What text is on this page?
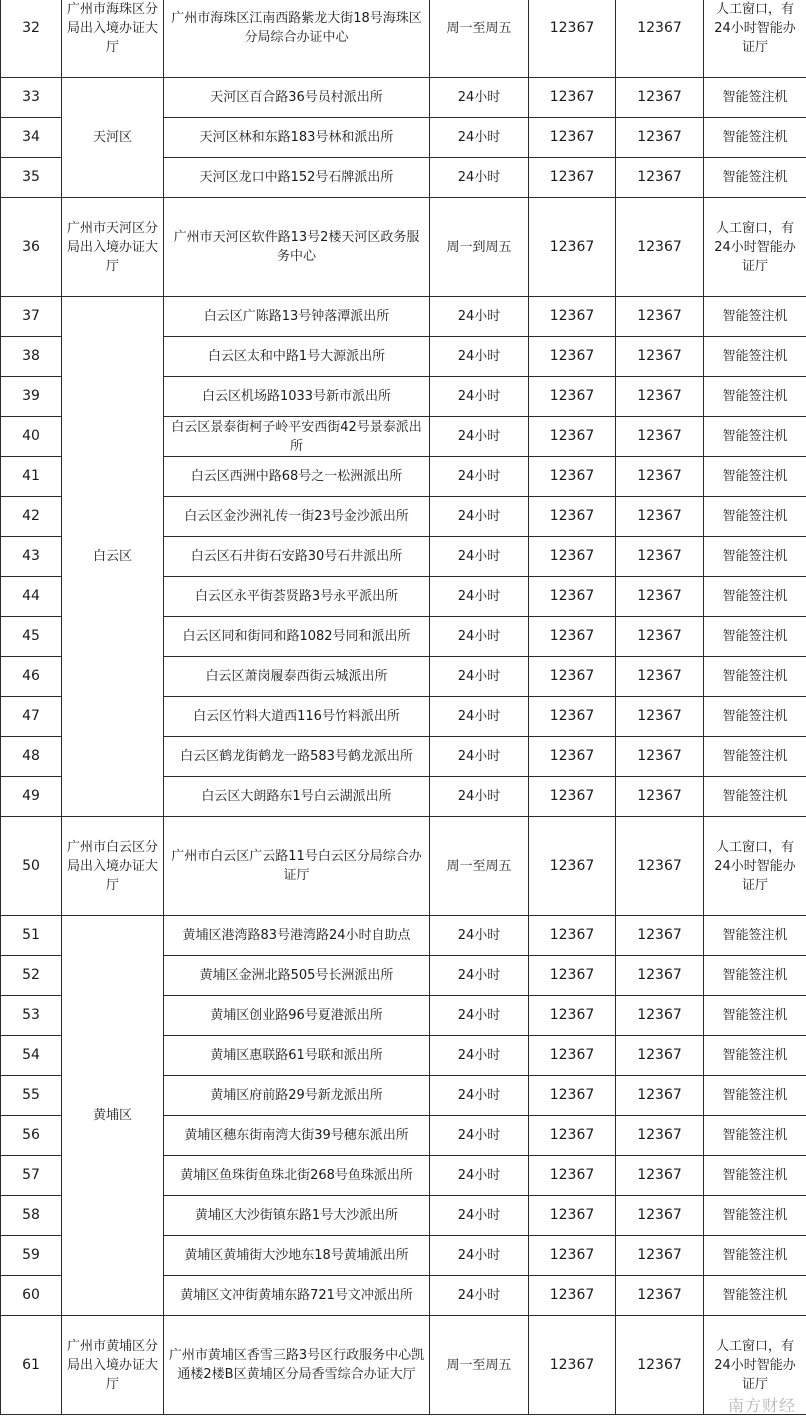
32	广州市海珠区分局出入境办证大厅	广州市海珠区江南西路紫龙大街18号海珠区分局综合办证中心	周一至周五	12367	12367	人工窗口，有24小时智能办证厅
33	天河区	天河区百合路36号员村派出所	24小时	12367	12367	智能签注机
34		天河区林和东路183号林和派出所	24小时	12367	12367	智能签注机
35		天河区龙口中路152号石牌派出所	24小时	12367	12367	智能签注机
36	广州市天河区分局出入境办证大厅	广州市天河区软件路13号2楼天河区政务服务中心	周一到周五	12367	12367	人工窗口，有24小时智能办证厅
37	白云区	白云区广陈路13号钟落潭派出所	24小时	12367	12367	智能签注机
38		白云区太和中路1号大源派出所	24小时	12367	12367	智能签注机
39		白云区机场路1033号新市派出所	24小时	12367	12367	智能签注机
40		白云区景泰街柯子岭平安西街42号景泰派出所	24小时	12367	12367	智能签注机
41		白云区西洲中路68号之一松洲派出所	24小时	12367	12367	智能签注机
42		白云区金沙洲礼传一街23号金沙派出所	24小时	12367	12367	智能签注机
43		白云区石井街石安路30号石井派出所	24小时	12367	12367	智能签注机
44		白云区永平街荟贤路3号永平派出所	24小时	12367	12367	智能签注机
45		白云区同和街同和路1082号同和派出所	24小时	12367	12367	智能签注机
46		白云区萧岗履泰西街云城派出所	24小时	12367	12367	智能签注机
47		白云区竹料大道西116号竹料派出所	24小时	12367	12367	智能签注机
48		白云区鹤龙街鹤龙一路583号鹤龙派出所	24小时	12367	12367	智能签注机
49		白云区大朗路东1号白云湖派出所	24小时	12367	12367	智能签注机
50	广州市白云区分局出入境办证大厅	广州市白云区广云路11号白云区分局综合办证厅	周一至周五	12367	12367	人工窗口，有24小时智能办证厅
51	黄埔区	黄埔区港湾路83号港湾路24小时自助点	24小时	12367	12367	智能签注机
52		黄埔区金洲北路505号长洲派出所	24小时	12367	12367	智能签注机
53		黄埔区创业路96号夏港派出所	24小时	12367	12367	智能签注机
54		黄埔区惠联路61号联和派出所	24小时	12367	12367	智能签注机
55		黄埔区府前路29号新龙派出所	24小时	12367	12367	智能签注机
56		黄埔区穗东街南湾大街39号穗东派出所	24小时	12367	12367	智能签注机
57		黄埔区鱼珠街鱼珠北街268号鱼珠派出所	24小时	12367	12367	智能签注机
58		黄埔区大沙街镇东路1号大沙派出所	24小时	12367	12367	智能签注机
59		黄埔区黄埔街大沙地东18号黄埔派出所	24小时	12367	12367	智能签注机
60		黄埔区文冲街黄埔东路721号文冲派出所	24小时	12367	12367	智能签注机
61	广州市黄埔区分局出入境办证大厅	广州市黄埔区香雪三路3号区行政服务中心凯通楼2楼B区黄埔区分局香雪综合办证大厅	周一至周五	12367	12367	人工窗口，有24小时智能办证厅
南方财经
